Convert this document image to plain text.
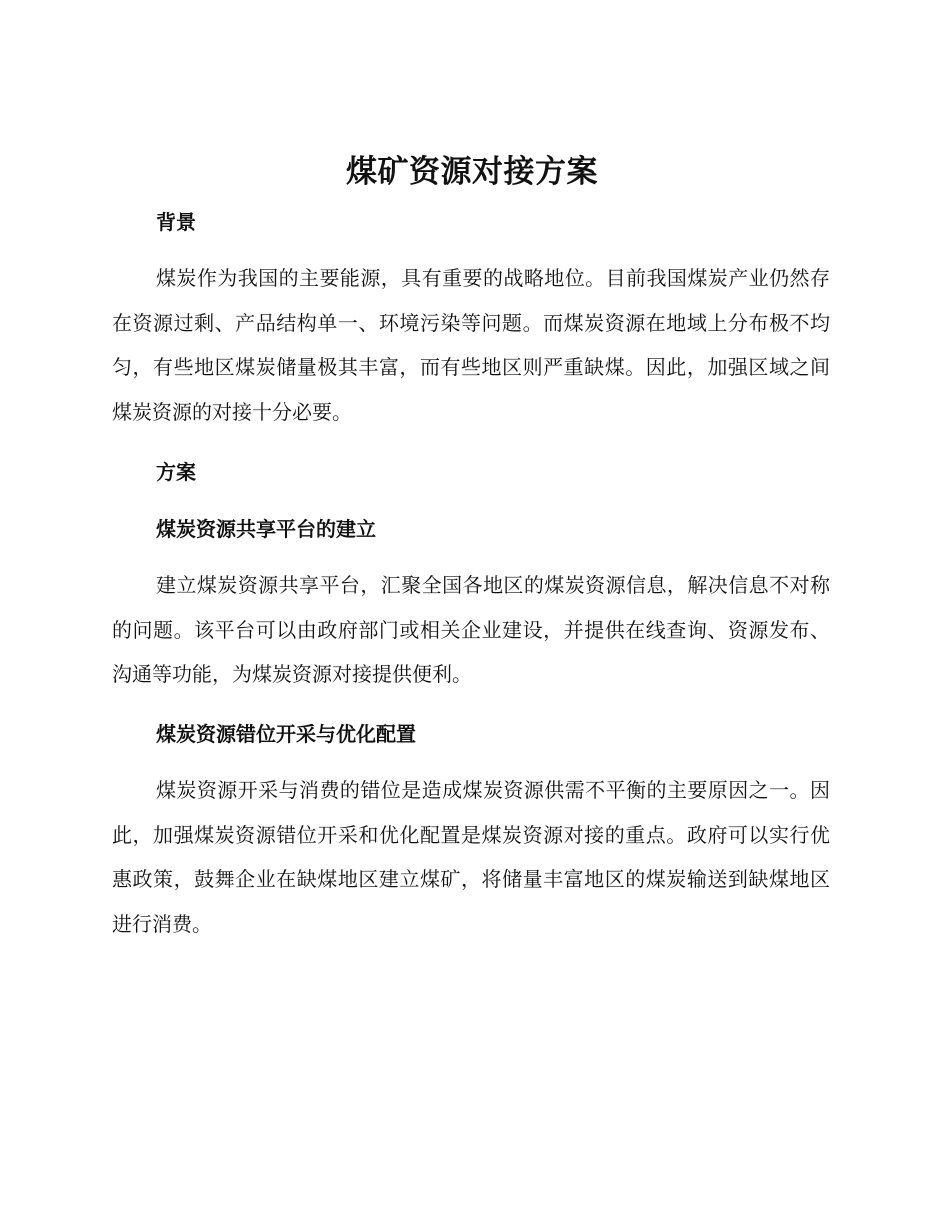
煤矿资源对接方案
背景

煤炭作为我国的主要能源，具有重要的战略地位。目前我国煤炭产业仍然存在资源过剩、产品结构单一、环境污染等问题。而煤炭资源在地域上分布极不均匀，有些地区煤炭储量极其丰富，而有些地区则严重缺煤。因此，加强区域之间煤炭资源的对接十分必要。

方案
煤炭资源共享平台的建立

建立煤炭资源共享平台，汇聚全国各地区的煤炭资源信息，解决信息不对称的问题。该平台可以由政府部门或相关企业建设，并提供在线查询、资源发布、沟通等功能，为煤炭资源对接提供便利。

煤炭资源错位开采与优化配置

煤炭资源开采与消费的错位是造成煤炭资源供需不平衡的主要原因之一。因此，加强煤炭资源错位开采和优化配置是煤炭资源对接的重点。政府可以实行优惠政策，鼓舞企业在缺煤地区建立煤矿，将储量丰富地区的煤炭输送到缺煤地区进行消费。
